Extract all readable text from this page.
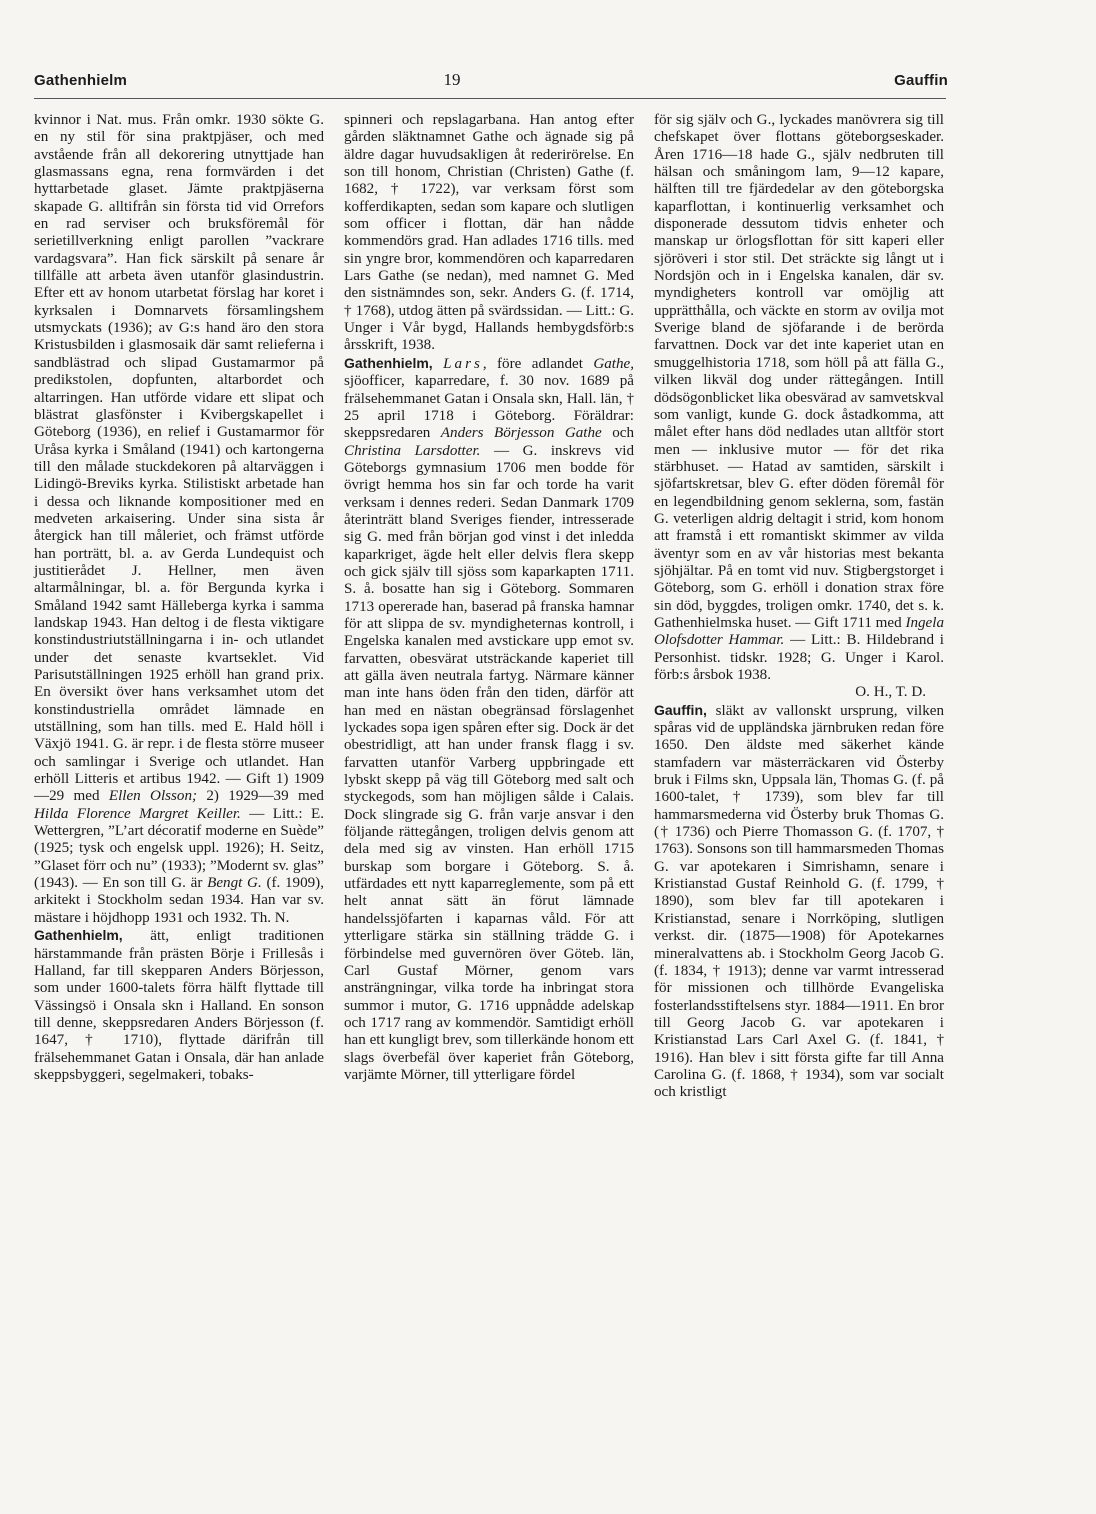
Gathenhielm	19	Gauffin

kvinnor i Nat. mus. Från omkr. 1930 sökte G. en ny stil för sina praktpjäser, och med avstående från all dekorering utnyttjade han glasmassans egna, rena formvärden i det hyttarbetade glaset. Jämte praktpjäserna skapade G. alltifrån sin första tid vid Orrefors en rad serviser och bruksföremål för serietillverkning enligt parollen ”vackrare vardagsvara”. Han fick särskilt på senare år tillfälle att arbeta även utanför glasindustrin. Efter ett av honom utarbetat förslag har koret i kyrksalen i Domnarvets församlingshem utsmyckats (1936); av G:s hand äro den stora Kristusbilden i glasmosaik där samt relieferna i sandblästrad och slipad Gustamarmor på predikstolen, dopfunten, altarbordet och altarringen. Han utförde vidare ett slipat och blästrat glasfönster i Kvibergskapellet i Göteborg (1936), en relief i Gustamarmor för Uråsa kyrka i Småland (1941) och kartongerna till den målade stuckdekoren på altarväggen i Lidingö-Breviks kyrka. Stilistiskt arbetade han i dessa och liknande kompositioner med en medveten arkaisering. Under sina sista år återgick han till måleriet, och främst utförde han porträtt, bl. a. av Gerda Lundequist och justitierådet J. Hellner, men även altarmålningar, bl. a. för Bergunda kyrka i Småland 1942 samt Hälleberga kyrka i samma landskap 1943. Han deltog i de flesta viktigare konstindustriutställningarna i in- och utlandet under det senaste kvartseklet. Vid Parisutställningen 1925 erhöll han grand prix. En översikt över hans verksamhet utom det konstindustriella området lämnade en utställning, som han tills. med E. Hald höll i Växjö 1941. G. är repr. i de flesta större museer och samlingar i Sverige och utlandet. Han erhöll Litteris et artibus 1942. — Gift 1) 1909—29 med Ellen Olsson; 2) 1929—39 med Hilda Florence Margret Keiller. — Litt.: E. Wettergren, ”L’art décoratif moderne en Suède” (1925; tysk och engelsk uppl. 1926); H. Seitz, ”Glaset förr och nu” (1933); ”Modernt sv. glas” (1943). — En son till G. är Bengt G. (f. 1909), arkitekt i Stockholm sedan 1934. Han var sv. mästare i höjdhopp 1931 och 1932. Th. N.

Gathenhielm, ätt, enligt traditionen härstammande från prästen Börje i Frillesås i Halland, far till skepparen Anders Börjesson, som under 1600-talets förra hälft flyttade till Vässingsö i Onsala skn i Halland. En sonson till denne, skeppsredaren Anders Börjesson (f. 1647, † 1710), flyttade därifrån till frälsehemmanet Gatan i Onsala, där han anlade skeppsbyggeri, segelmakeri, tobaks-

spinneri och repslagarbana. Han antog efter gården släktnamnet Gathe och ägnade sig på äldre dagar huvudsakligen åt rederirörelse. En son till honom, Christian (Christen) Gathe (f. 1682, † 1722), var verksam först som kofferdikapten, sedan som kapare och slutligen som officer i flottan, där han nådde kommendörs grad. Han adlades 1716 tills. med sin yngre bror, kommendören och kaparredaren Lars Gathe (se nedan), med namnet G. Med den sistnämndes son, sekr. Anders G. (f. 1714, † 1768), utdog ätten på svärdssidan. — Litt.: G. Unger i Vår bygd, Hallands hembygdsförb:s årsskrift, 1938.

Gathenhielm, Lars, före adlandet Gathe, sjöofficer, kaparredare, f. 30 nov. 1689 på frälsehemmanet Gatan i Onsala skn, Hall. län, † 25 april 1718 i Göteborg. Föräldrar: skeppsredaren Anders Börjesson Gathe och Christina Larsdotter. — G. inskrevs vid Göteborgs gymnasium 1706 men bodde för övrigt hemma hos sin far och torde ha varit verksam i dennes rederi. Sedan Danmark 1709 återinträtt bland Sveriges fiender, intresserade sig G. med från början god vinst i det inledda kaparkriget, ägde helt eller delvis flera skepp och gick själv till sjöss som kaparkapten 1711. S. å. bosatte han sig i Göteborg. Sommaren 1713 opererade han, baserad på franska hamnar för att slippa de sv. myndigheternas kontroll, i Engelska kanalen med avstickare upp emot sv. farvatten, obesvärat utsträckande kaperiet till att gälla även neutrala fartyg. Närmare känner man inte hans öden från den tiden, därför att han med en nästan obegränsad förslagenhet lyckades sopa igen spåren efter sig. Dock är det obestridligt, att han under fransk flagg i sv. farvatten utanför Varberg uppbringade ett lybskt skepp på väg till Göteborg med salt och styckegods, som han möjligen sålde i Calais. Dock slingrade sig G. från varje ansvar i den följande rättegången, troligen delvis genom att dela med sig av vinsten. Han erhöll 1715 burskap som borgare i Göteborg. S. å. utfärdades ett nytt kaparreglemente, som på ett helt annat sätt än förut lämnade handelssjöfarten i kaparnas våld. För att ytterligare stärka sin ställning trädde G. i förbindelse med guvernören över Göteb. län, Carl Gustaf Mörner, genom vars ansträngningar, vilka torde ha inbringat stora summor i mutor, G. 1716 uppnådde adelskap och 1717 rang av kommendör. Samtidigt erhöll han ett kungligt brev, som tillerkände honom ett slags överbefäl över kaperiet från Göteborg, varjämte Mörner, till ytterligare fördel

för sig själv och G., lyckades manövrera sig till chefskapet över flottans göteborgseskader. Åren 1716—18 hade G., själv nedbruten till hälsan och småningom lam, 9—12 kapare, hälften till tre fjärdedelar av den göteborgska kaparflottan, i kontinuerlig verksamhet och disponerade dessutom tidvis enheter och manskap ur örlogsflottan för sitt kaperi eller sjöröveri i stor stil. Det sträckte sig långt ut i Nordsjön och in i Engelska kanalen, där sv. myndigheters kontroll var omöjlig att upprätthålla, och väckte en storm av ovilja mot Sverige bland de sjöfarande i de berörda farvattnen. Dock var det inte kaperiet utan en smuggelhistoria 1718, som höll på att fälla G., vilken likväl dog under rättegången. Intill dödsögonblicket lika obesvärad av samvetskval som vanligt, kunde G. dock åstadkomma, att målet efter hans död nedlades utan alltför stort men — inklusive mutor — för det rika stärbhuset. — Hatad av samtiden, särskilt i sjöfartskretsar, blev G. efter döden föremål för en legendbildning genom seklerna, som, fastän G. veterligen aldrig deltagit i strid, kom honom att framstå i ett romantiskt skimmer av vilda äventyr som en av vår historias mest bekanta sjöhjältar. På en tomt vid nuv. Stigbergstorget i Göteborg, som G. erhöll i donation strax före sin död, byggdes, troligen omkr. 1740, det s. k. Gathenhielmska huset. — Gift 1711 med Ingela Olofsdotter Hammar. — Litt.: B. Hildebrand i Personhist. tidskr. 1928; G. Unger i Karol. förb:s årsbok 1938.

O. H., T. D.

Gauffin, släkt av vallonskt ursprung, vilken spåras vid de uppländska järnbruken redan före 1650. Den äldste med säkerhet kände stamfadern var mästerräckaren vid Österby bruk i Films skn, Uppsala län, Thomas G. (f. på 1600-talet, † 1739), som blev far till hammarsmederna vid Österby bruk Thomas G. († 1736) och Pierre Thomasson G. (f. 1707, † 1763). Sonsons son till hammarsmeden Thomas G. var apotekaren i Simrishamn, senare i Kristianstad Gustaf Reinhold G. (f. 1799, † 1890), som blev far till apotekaren i Kristianstad, senare i Norrköping, slutligen verkst. dir. (1875—1908) för Apotekarnes mineralvattens ab. i Stockholm Georg Jacob G. (f. 1834, † 1913); denne var varmt intresserad för missionen och tillhörde Evangeliska fosterlandsstiftelsens styr. 1884—1911. En bror till Georg Jacob G. var apotekaren i Kristianstad Lars Carl Axel G. (f. 1841, † 1916). Han blev i sitt första gifte far till Anna Carolina G. (f. 1868, † 1934), som var socialt och kristligt
